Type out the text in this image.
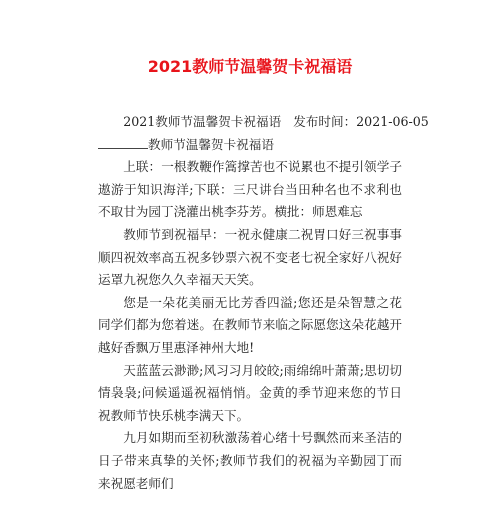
2021教师节温馨贺卡祝福语

2021教师节温馨贺卡祝福语 发布时间：2021-06-05

教师节温馨贺卡祝福语

上联：一根教鞭作篙撑苦也不说累也不提引领学子遨游于知识海洋;下联：三尺讲台当田种名也不求利也不取甘为园丁浇灌出桃李芬芳。横批：师恩难忘

教师节到祝福早：一祝永健康二祝胃口好三祝事事顺四祝效率高五祝多钞票六祝不变老七祝全家好八祝好运罩九祝您久久幸福天天笑。

您是一朵花美丽无比芳香四溢;您还是朵智慧之花同学们都为您着迷。在教师节来临之际愿您这朵花越开越好香飘万里惠泽神州大地!

天蓝蓝云渺渺;风习习月皎皎;雨绵绵叶萧萧;思切切情袅袅;问候遥遥祝福悄悄。金黄的季节迎来您的节日祝教师节快乐桃李满天下。

九月如期而至初秋激荡着心绪十号飘然而来圣洁的日子带来真挚的关怀;教师节我们的祝福为辛勤园丁而来祝愿老师们
